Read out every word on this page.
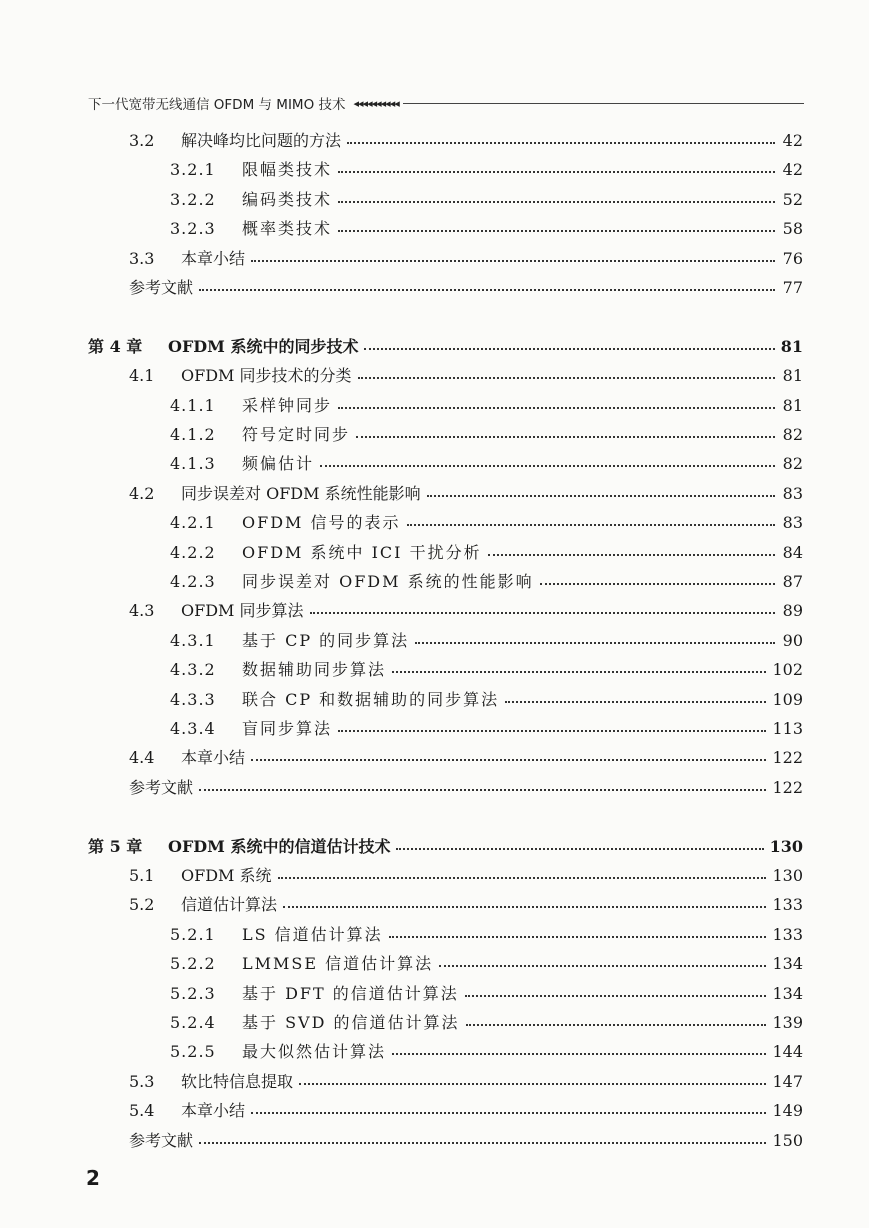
下一代宽带无线通信 OFDM 与 MIMO 技术 ◂◂◂◂◂◂◂◂◂◂
3.2	解决峰均比问题的方法	42
3.2.1	限幅类技术	42
3.2.2	编码类技术	52
3.2.3	概率类技术	58
3.3	本章小结	76
参考文献	77
第 4 章	OFDM 系统中的同步技术	81
4.1	OFDM 同步技术的分类	81
4.1.1	采样钟同步	81
4.1.2	符号定时同步	82
4.1.3	频偏估计	82
4.2	同步误差对 OFDM 系统性能影响	83
4.2.1	OFDM 信号的表示	83
4.2.2	OFDM 系统中 ICI 干扰分析	84
4.2.3	同步误差对 OFDM 系统的性能影响	87
4.3	OFDM 同步算法	89
4.3.1	基于 CP 的同步算法	90
4.3.2	数据辅助同步算法	102
4.3.3	联合 CP 和数据辅助的同步算法	109
4.3.4	盲同步算法	113
4.4	本章小结	122
参考文献	122
第 5 章	OFDM 系统中的信道估计技术	130
5.1	OFDM 系统	130
5.2	信道估计算法	133
5.2.1	LS 信道估计算法	133
5.2.2	LMMSE 信道估计算法	134
5.2.3	基于 DFT 的信道估计算法	134
5.2.4	基于 SVD 的信道估计算法	139
5.2.5	最大似然估计算法	144
5.3	软比特信息提取	147
5.4	本章小结	149
参考文献	150
2
